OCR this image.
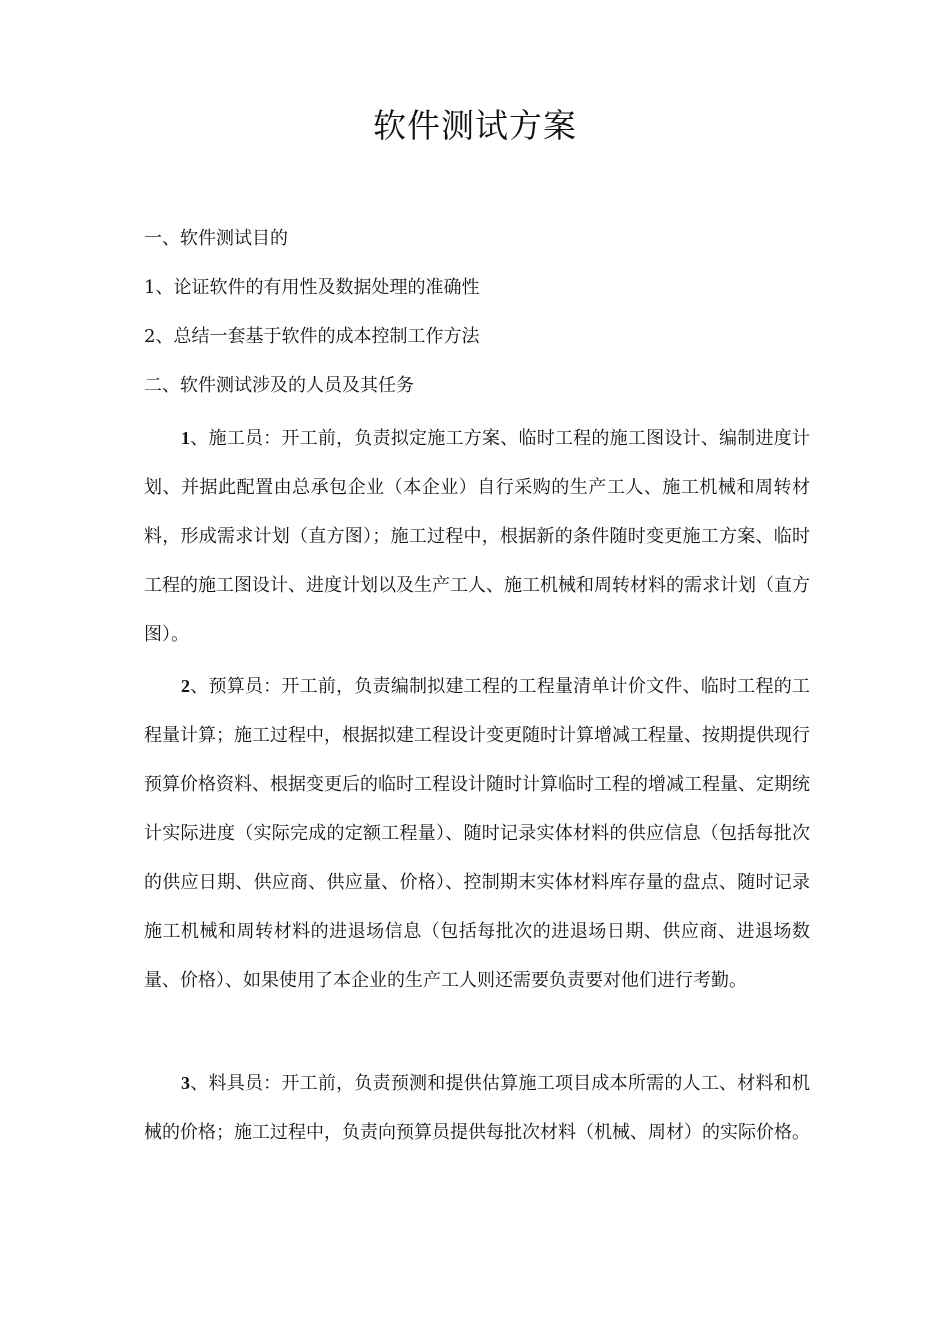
软件测试方案

一、软件测试目的

1、论证软件的有用性及数据处理的准确性

2、总结一套基于软件的成本控制工作方法

二、软件测试涉及的人员及其任务

1、施工员：开工前，负责拟定施工方案、临时工程的施工图设计、编制进度计划、并据此配置由总承包企业（本企业）自行采购的生产工人、施工机械和周转材料，形成需求计划（直方图）；施工过程中，根据新的条件随时变更施工方案、临时工程的施工图设计、进度计划以及生产工人、施工机械和周转材料的需求计划（直方图）。

2、预算员：开工前，负责编制拟建工程的工程量清单计价文件、临时工程的工程量计算；施工过程中，根据拟建工程设计变更随时计算增减工程量、按期提供现行预算价格资料、根据变更后的临时工程设计随时计算临时工程的增减工程量、定期统计实际进度（实际完成的定额工程量）、随时记录实体材料的供应信息（包括每批次的供应日期、供应商、供应量、价格）、控制期末实体材料库存量的盘点、随时记录施工机械和周转材料的进退场信息（包括每批次的进退场日期、供应商、进退场数量、价格）、如果使用了本企业的生产工人则还需要负责要对他们进行考勤。

3、料具员：开工前，负责预测和提供估算施工项目成本所需的人工、材料和机械的价格；施工过程中，负责向预算员提供每批次材料（机械、周材）的实际价格。
